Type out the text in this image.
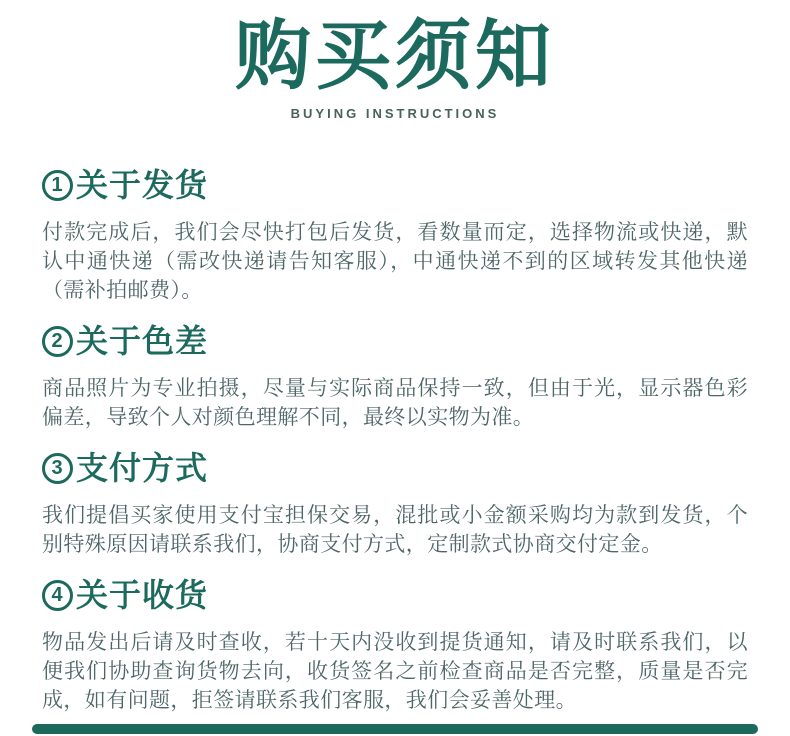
购买须知
BUYING INSTRUCTIONS
1 关于发货

付款完成后，我们会尽快打包后发货，看数量而定，选择物流或快递，默认中通快递（需改快递请告知客服），中通快递不到的区域转发其他快递（需补拍邮费）。

2 关于色差

商品照片为专业拍摄，尽量与实际商品保持一致，但由于光，显示器色彩偏差，导致个人对颜色理解不同，最终以实物为准。

3 支付方式

我们提倡买家使用支付宝担保交易，混批或小金额采购均为款到发货，个别特殊原因请联系我们，协商支付方式，定制款式协商交付定金。

4 关于收货

物品发出后请及时查收，若十天内没收到提货通知，请及时联系我们，以便我们协助查询货物去向，收货签名之前检查商品是否完整，质量是否完成，如有问题，拒签请联系我们客服，我们会妥善处理。
